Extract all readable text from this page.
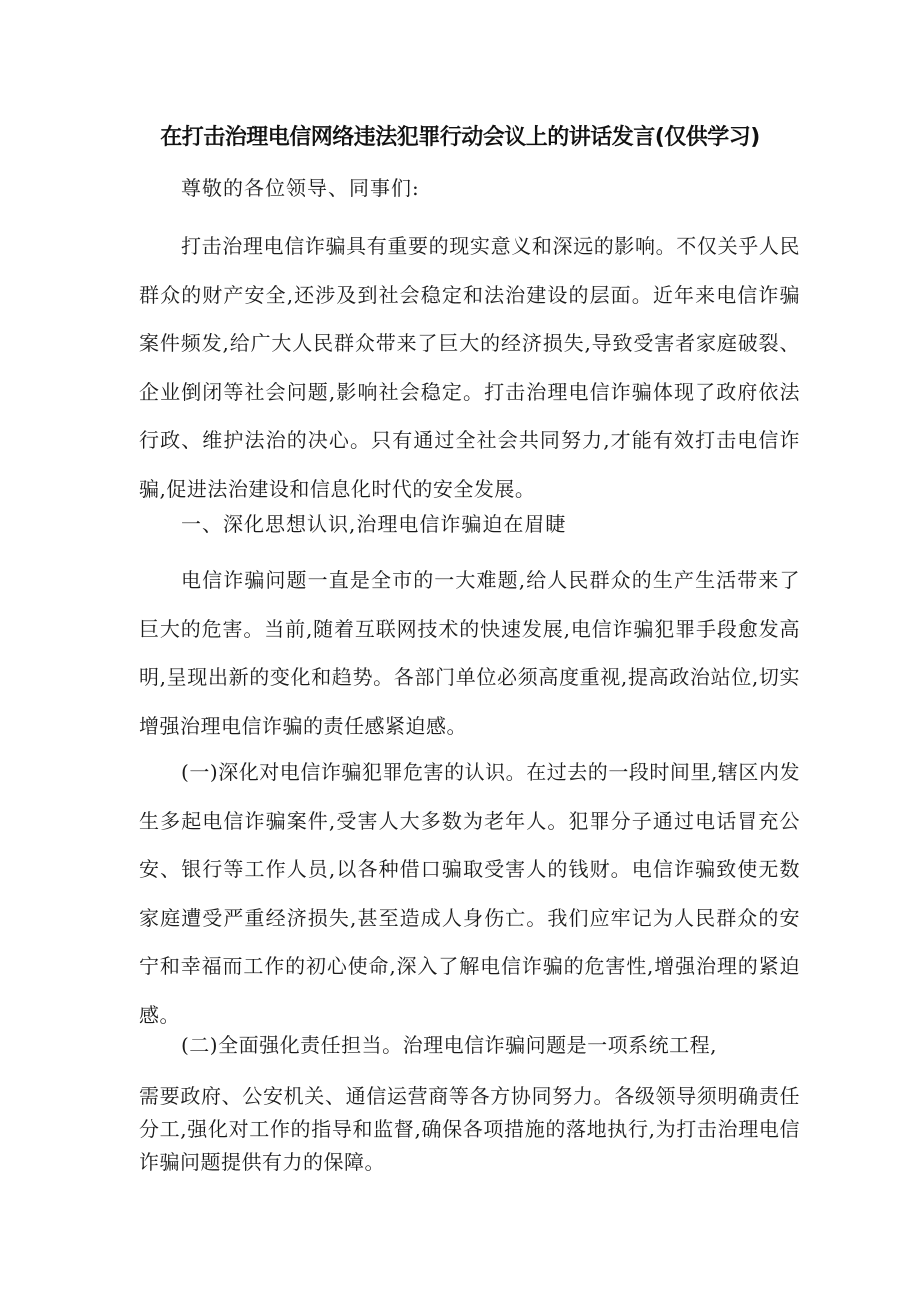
在打击治理电信网络违法犯罪行动会议上的讲话发言(仅供学习)
尊敬的各位领导、同事们:

打击治理电信诈骗具有重要的现实意义和深远的影响。不仅关乎人民群众的财产安全,还涉及到社会稳定和法治建设的层面。近年来电信诈骗案件频发,给广大人民群众带来了巨大的经济损失,导致受害者家庭破裂、企业倒闭等社会问题,影响社会稳定。打击治理电信诈骗体现了政府依法行政、维护法治的决心。只有通过全社会共同努力,才能有效打击电信诈骗,促进法治建设和信息化时代的安全发展。

一、深化思想认识,治理电信诈骗迫在眉睫

电信诈骗问题一直是全市的一大难题,给人民群众的生产生活带来了巨大的危害。当前,随着互联网技术的快速发展,电信诈骗犯罪手段愈发高明,呈现出新的变化和趋势。各部门单位必须高度重视,提高政治站位,切实增强治理电信诈骗的责任感紧迫感。

(一)深化对电信诈骗犯罪危害的认识。在过去的一段时间里,辖区内发生多起电信诈骗案件,受害人大多数为老年人。犯罪分子通过电话冒充公安、银行等工作人员,以各种借口骗取受害人的钱财。电信诈骗致使无数家庭遭受严重经济损失,甚至造成人身伤亡。我们应牢记为人民群众的安宁和幸福而工作的初心使命,深入了解电信诈骗的危害性,增强治理的紧迫感。

(二)全面强化责任担当。治理电信诈骗问题是一项系统工程,

需要政府、公安机关、通信运营商等各方协同努力。各级领导须明确责任分工,强化对工作的指导和监督,确保各项措施的落地执行,为打击治理电信诈骗问题提供有力的保障。
